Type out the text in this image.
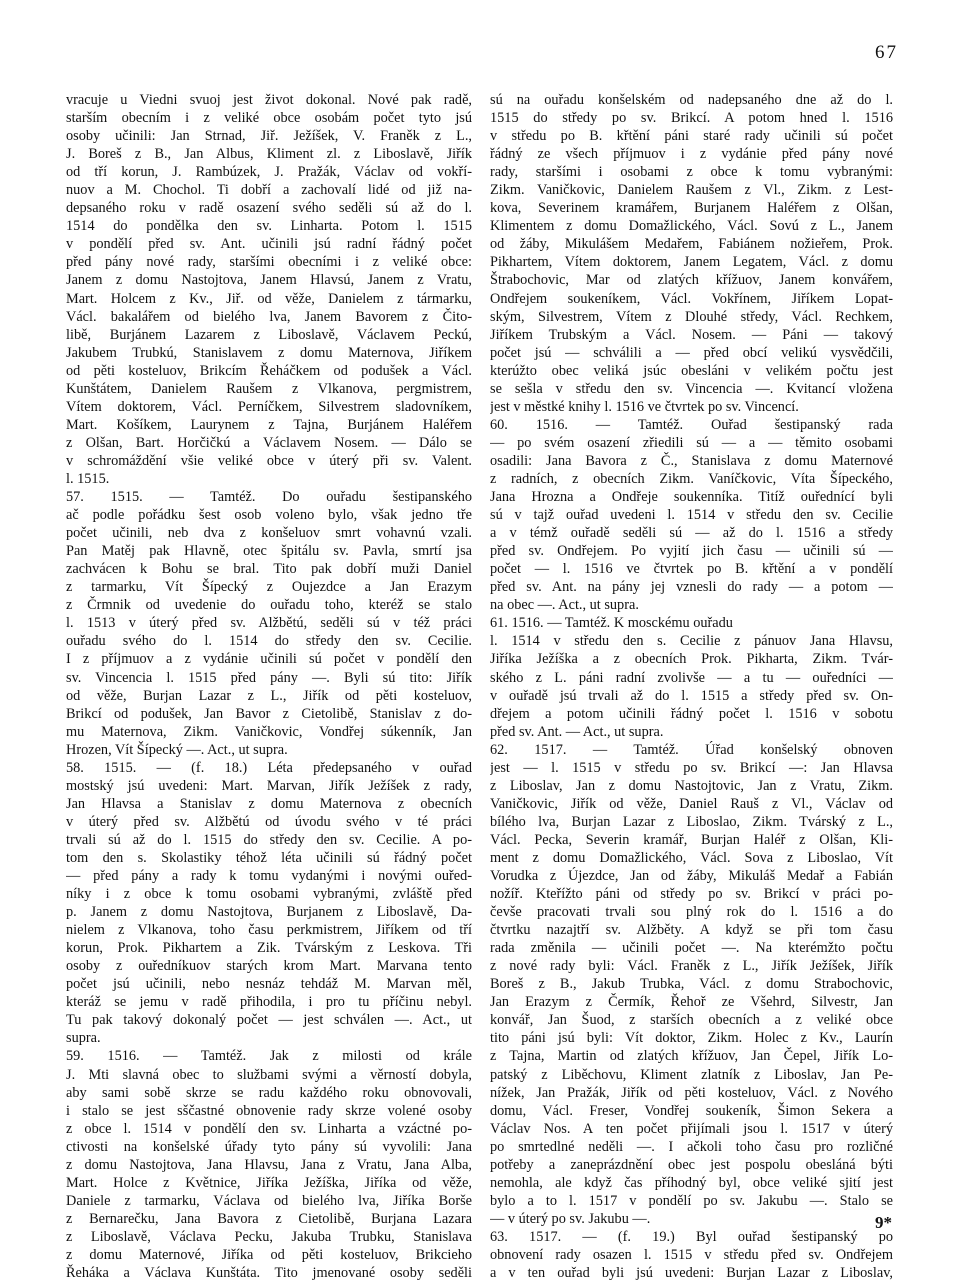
67
vracuje u Viedni svuoj jest život dokonal. Nové pak radě,
starším obecním i z veliké obce osobám počet tyto jsú
osoby učinili: Jan Strnad, Jiř. Ježíšek, V. Franěk z L.,
J. Boreš z B., Jan Albus, Kliment zl. z Liboslavě, Jiřík
od tří korun, J. Rambúzek, J. Pražák, Václav od vokří-
nuov a M. Chochol. Ti dobří a zachovalí lidé od již na-
depsaného roku v radě osazení svého seděli sú až do l.
1514 do pondělka den sv. Linharta. Potom l. 1515
v pondělí před sv. Ant. učinili jsú radní řádný počet
před pány nové rady, staršími obecními i z veliké obce:
Janem z domu Nastojtova, Janem Hlavsú, Janem z Vratu,
Mart. Holcem z Kv., Jiř. od věže, Danielem z tármarku,
Václ. bakalářem od bielého lva, Janem Bavorem z Čito-
libě, Burjánem Lazarem z Liboslavě, Václavem Peckú,
Jakubem Trubkú, Stanislavem z domu Maternova, Jiříkem
od pěti kosteluov, Brikcím Řeháčkem od podušek a Václ.
Kunštátem, Danielem Raušem z Vlkanova, pergmistrem,
Vítem doktorem, Václ. Perníčkem, Silvestrem sladovníkem,
Mart. Košíkem, Laurynem z Tajna, Burjánem Haléřem
z Olšan, Bart. Horčičkú a Václavem Nosem. — Dálo se
v schromáždění všie veliké obce v úterý při sv. Valent.
l. 1515.
57. 1515. — Tamtéž. Do ouřadu šestipanského
ač podle pořádku šest osob voleno bylo, však jedno tře
počet učinili, neb dva z konšeluov smrt vohavnú vzali.
Pan Matěj pak Hlavně, otec špitálu sv. Pavla, smrtí jsa
zachvácen k Bohu se bral. Tito pak dobří muži Daniel
z tarmarku, Vít Šípecký z Oujezdce a Jan Erazym
z Črmnik od uvedenie do ouřadu toho, kteréž se stalo
l. 1513 v úterý před sv. Alžbětú, seděli sú v též práci
ouřadu svého do l. 1514 do středy den sv. Cecilie.
I z příjmuov a z vydánie učinili sú počet v pondělí den
sv. Vincencia l. 1515 před pány —. Byli sú tito: Jiřík
od věže, Burjan Lazar z L., Jiřík od pěti kosteluov,
Brikcí od podušek, Jan Bavor z Cietolibě, Stanislav z do-
mu Maternova, Zikm. Vaničkovic, Vondřej súkenník, Jan
Hrozen, Vít Šípecký —. Act., ut supra.
58. 1515. — (f. 18.) Léta předepsaného v ouřad
mostský jsú uvedeni: Mart. Marvan, Jiřík Ježíšek z rady,
Jan Hlavsa a Stanislav z domu Maternova z obecních
v úterý před sv. Alžbětú od úvodu svého v té práci
trvali sú až do l. 1515 do středy den sv. Cecilie. A po-
tom den s. Skolastiky téhož léta učinili sú řádný počet
— před pány a rady k tomu vydanými i novými ouřed-
níky i z obce k tomu osobami vybranými, zvláště před
p. Janem z domu Nastojtova, Burjanem z Liboslavě, Da-
nielem z Vlkanova, toho času perkmistrem, Jiříkem od tří
korun, Prok. Pikhartem a Zik. Tvárským z Leskova. Tři
osoby z ouředníkuov starých krom Mart. Marvana tento
počet jsú učinili, nebo nesnáz tehdáž M. Marvan měl,
kteráž se jemu v radě přihodila, i pro tu příčinu nebyl.
Tu pak takový dokonalý počet — jest schválen —. Act., ut
supra.
59. 1516. — Tamtéž. Jak z milosti od krále
J. Mti slavná obec to službami svými a věrností dobyla,
aby sami sobě skrze se radu každého roku obnovovali,
i stalo se jest sščastné obnovenie rady skrze volené osoby
z obce l. 1514 v pondělí den sv. Linharta a vzáctné po-
ctivosti na konšelské úřady tyto pány sú vyvolili: Jana
z domu Nastojtova, Jana Hlavsu, Jana z Vratu, Jana Alba,
Mart. Holce z Květnice, Jiříka Ježíška, Jiříka od věže,
Daniele z tarmarku, Václava od bielého lva, Jiříka Borše
z Bernarečku, Jana Bavora z Cietolibě, Burjana Lazara
z Liboslavě, Václava Pecku, Jakuba Trubku, Stanislava
z domu Maternové, Jiříka od pěti kosteluov, Brikcieho
Řeháka a Václava Kunštáta. Tito jmenované osoby seděli
sú na ouřadu konšelském od nadepsaného dne až do l.
1515 do středy po sv. Brikcí. A potom hned l. 1516
v středu po B. křtění páni staré rady učinili sú počet
řádný ze všech příjmuov i z vydánie před pány nové
rady, staršími i osobami z obce k tomu vybranými:
Zikm. Vaničkovic, Danielem Raušem z Vl., Zikm. z Lest-
kova, Severinem kramářem, Burjanem Haléřem z Olšan,
Klimentem z domu Domažlického, Václ. Sovú z L., Janem
od žáby, Mikulášem Medařem, Fabiánem nožieřem, Prok.
Pikhartem, Vítem doktorem, Janem Legatem, Václ. z domu
Štrabochovic, Mar od zlatých křížuov, Janem konvářem,
Ondřejem soukeníkem, Václ. Vokřínem, Jiříkem Lopat-
ským, Silvestrem, Vítem z Dlouhé středy, Václ. Rechkem,
Jiříkem Trubským a Václ. Nosem. — Páni — takový
počet jsú — schválili a — před obcí velikú vysvědčili,
kterúžto obec veliká jsúc obesláni v velikém počtu jest
se sešla v středu den sv. Vincencia —. Kvitancí vložena
jest v městké knihy l. 1516 ve čtvrtek po sv. Vincencí.
60. 1516. — Tamtéž. Ouřad šestipanský rada
— po svém osazení zřiedili sú — a — těmito osobami
osadili: Jana Bavora z Č., Stanislava z domu Maternové
z radních, z obecních Zikm. Vaníčkovic, Víta Šípeckého,
Jana Hrozna a Ondřeje soukenníka. Titíž ouřednící byli
sú v tajž ouřad uvedeni l. 1514 v středu den sv. Cecilie
a v témž ouřadě seděli sú — až do l. 1516 a středy
před sv. Ondřejem. Po vyjití jich času — učinili sú —
počet — l. 1516 ve čtvrtek po B. křtění a v pondělí
před sv. Ant. na pány jej vznesli do rady — a potom —
na obec —. Act., ut supra.
61. 1516. — Tamtéž. K mosckému ouřadu
l. 1514 v středu den s. Cecilie z pánuov Jana Hlavsu,
Jiříka Ježíška a z obecních Prok. Pikharta, Zikm. Tvár-
ského z L. páni radní zvolivše — a tu — ouředníci —
v ouřadě jsú trvali až do l. 1515 a středy před sv. On-
dřejem a potom učinili řádný počet l. 1516 v sobotu
před sv. Ant. — Act., ut supra.
62. 1517. — Tamtéž. Úřad konšelský obnoven
jest — l. 1515 v středu po sv. Brikcí —: Jan Hlavsa
z Liboslav, Jan z domu Nastojtovic, Jan z Vratu, Zikm.
Vaničkovic, Jiřík od věže, Daniel Rauš z Vl., Václav od
bílého lva, Burjan Lazar z Liboslao, Zikm. Tvárský z L.,
Václ. Pecka, Severin kramář, Burjan Haléř z Olšan, Kli-
ment z domu Domažlického, Václ. Sova z Liboslao, Vít
Vorudka z Újezdce, Jan od žáby, Mikuláš Medař a Fabián
nožíř. Kteřížto páni od středy po sv. Brikcí v práci po-
čevše pracovati trvali sou plný rok do l. 1516 a do
čtvrtku nazajtří sv. Alžběty. A když se při tom času
rada změnila — učinili počet —. Na kterémžto počtu
z nové rady byli: Václ. Franěk z L., Jiřík Ježíšek, Jiřík
Boreš z B., Jakub Trubka, Václ. z domu Strabochovic,
Jan Erazym z Čermík, Řehoř ze Všehrd, Silvestr, Jan
konvář, Jan Šuod, z starších obecních a z veliké obce
tito páni jsú byli: Vít doktor, Zikm. Holec z Kv., Laurín
z Tajna, Martin od zlatých křížuov, Jan Čepel, Jiřík Lo-
patský z Liběchovu, Kliment zlatník z Liboslav, Jan Pe-
nížek, Jan Pražák, Jiřík od pěti kosteluov, Václ. z Nového
domu, Václ. Freser, Vondřej soukeník, Šimon Sekera a
Václav Nos. A ten počet přijímali jsou l. 1517 v úterý
po smrtedlné neděli —. I ačkoli toho času pro rozličné
potřeby a zaneprázdnění obec jest pospolu obesláná býti
nemohla, ale když čas příhodný byl, obce veliké sjití jest
bylo a to l. 1517 v pondělí po sv. Jakubu —. Stalo se
— v úterý po sv. Jakubu —.
63. 1517. — (f. 19.) Byl ouřad šestipanský po
obnovení rady osazen l. 1515 v středu před sv. Ondřejem
a v ten ouřad byli jsú uvedeni: Burjan Lazar z Liboslav,
9*
